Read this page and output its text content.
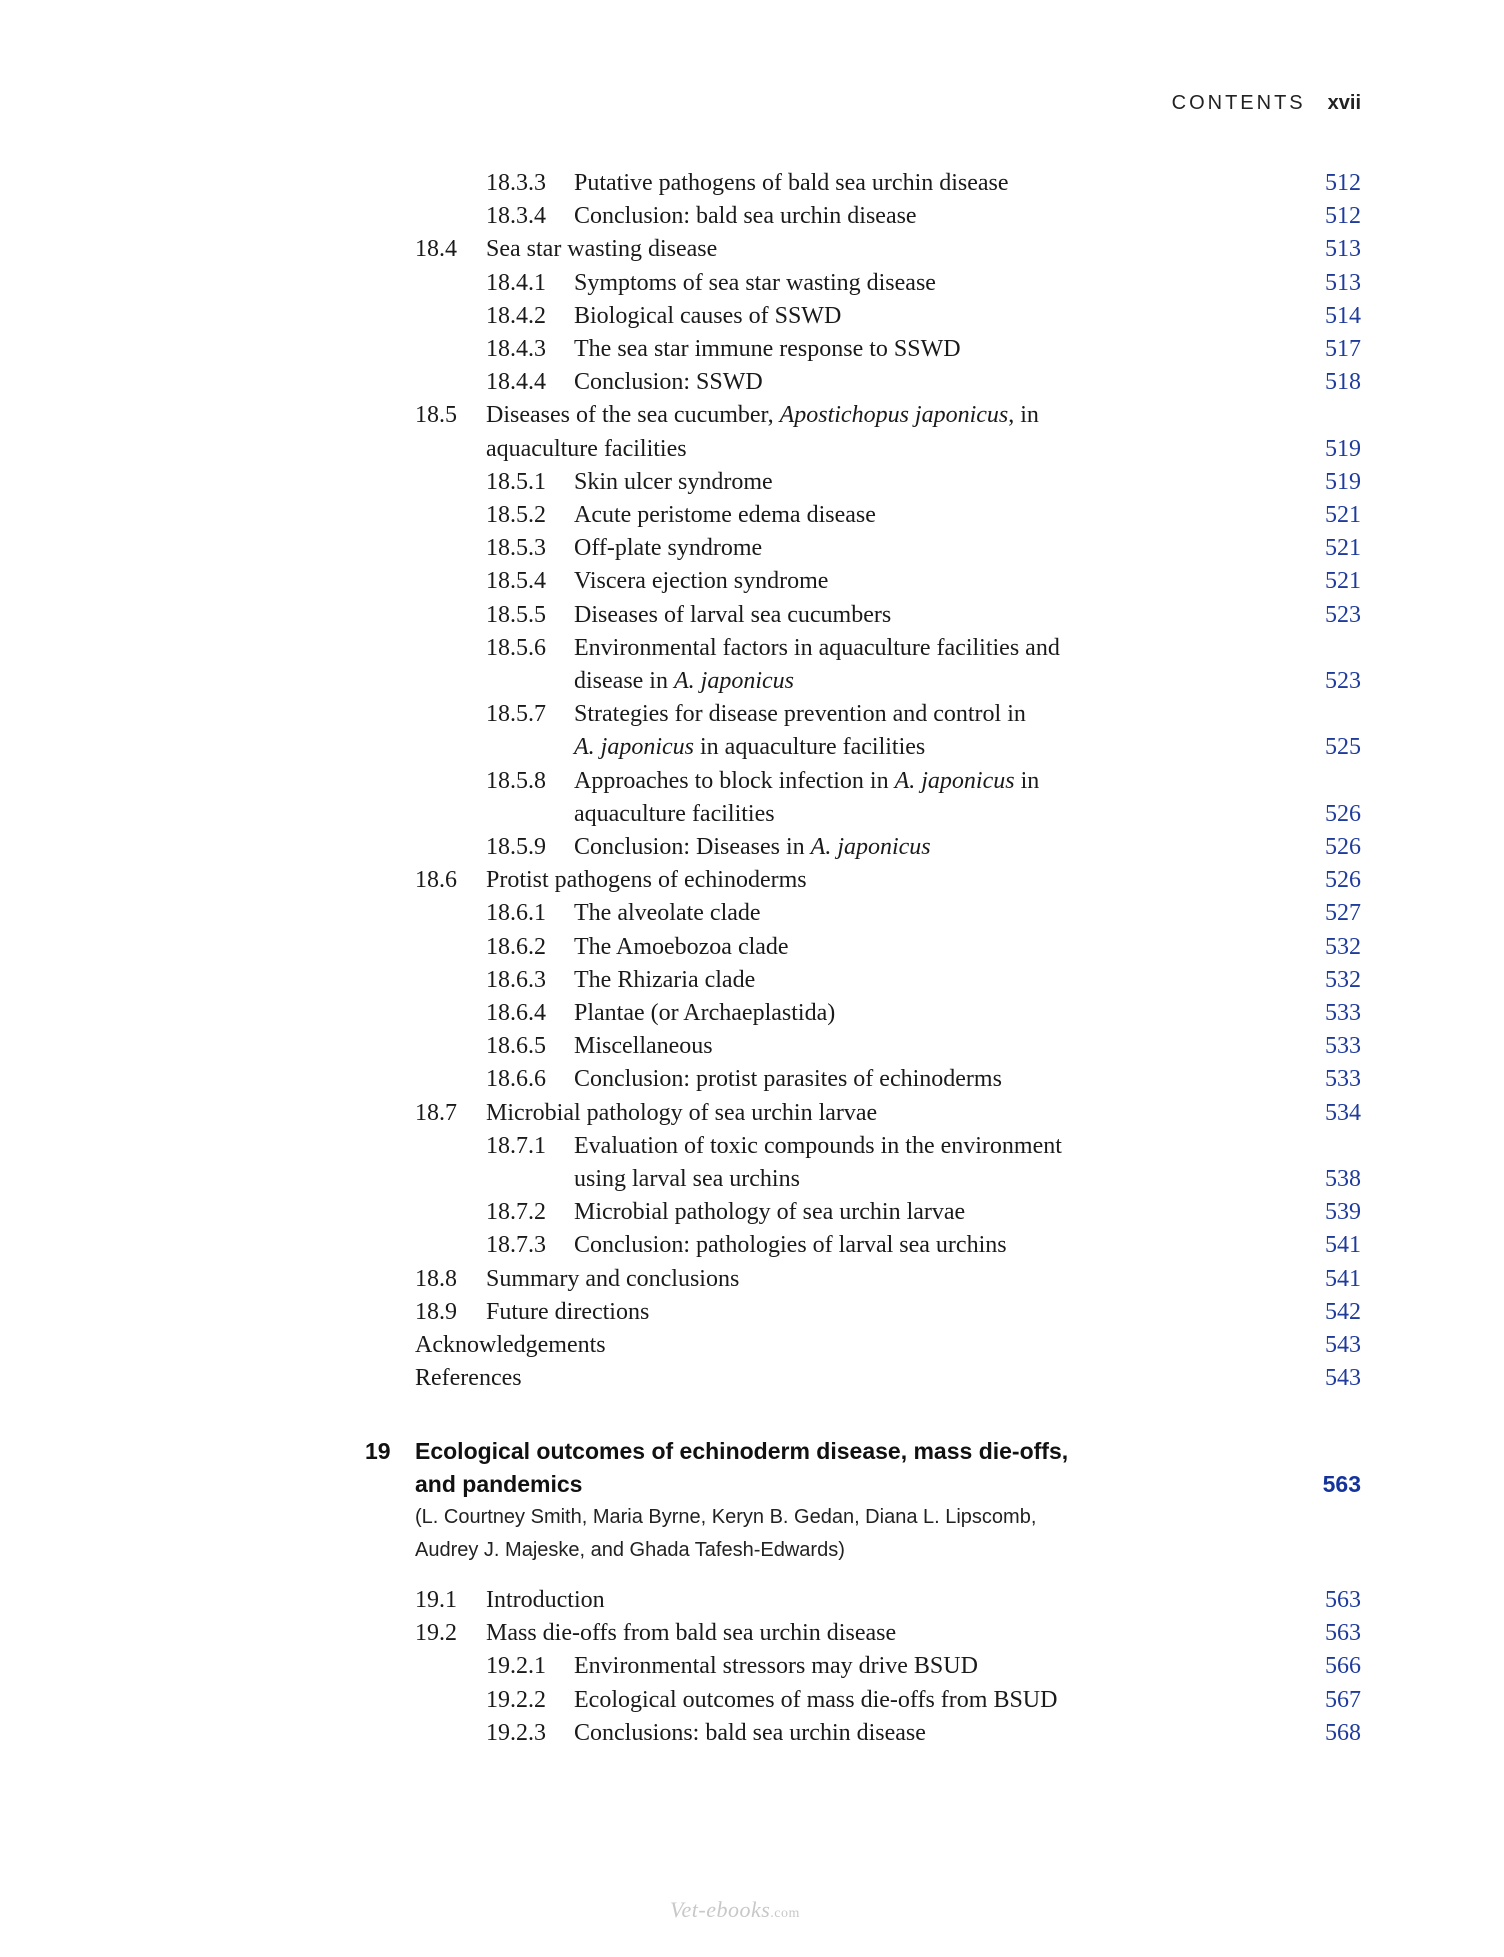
CONTENTS xvii
18.3.3 Putative pathogens of bald sea urchin disease	512
18.3.4 Conclusion: bald sea urchin disease	512
18.4 Sea star wasting disease	513
18.4.1 Symptoms of sea star wasting disease	513
18.4.2 Biological causes of SSWD	514
18.4.3 The sea star immune response to SSWD	517
18.4.4 Conclusion: SSWD	518
18.5 Diseases of the sea cucumber, Apostichopus japonicus, in
aquaculture facilities	519
18.5.1 Skin ulcer syndrome	519
18.5.2 Acute peristome edema disease	521
18.5.3 Off-plate syndrome	521
18.5.4 Viscera ejection syndrome	521
18.5.5 Diseases of larval sea cucumbers	523
18.5.6 Environmental factors in aquaculture facilities and
disease in A. japonicus	523
18.5.7 Strategies for disease prevention and control in
A. japonicus in aquaculture facilities	525
18.5.8 Approaches to block infection in A. japonicus in
aquaculture facilities	526
18.5.9 Conclusion: Diseases in A. japonicus	526
18.6 Protist pathogens of echinoderms	526
18.6.1 The alveolate clade	527
18.6.2 The Amoebozoa clade	532
18.6.3 The Rhizaria clade	532
18.6.4 Plantae (or Archaeplastida)	533
18.6.5 Miscellaneous	533
18.6.6 Conclusion: protist parasites of echinoderms	533
18.7 Microbial pathology of sea urchin larvae	534
18.7.1 Evaluation of toxic compounds in the environment
using larval sea urchins	538
18.7.2 Microbial pathology of sea urchin larvae	539
18.7.3 Conclusion: pathologies of larval sea urchins	541
18.8 Summary and conclusions	541
18.9 Future directions	542
Acknowledgements	543
References	543
19 Ecological outcomes of echinoderm disease, mass die-offs,
and pandemics	563
(L. Courtney Smith, Maria Byrne, Keryn B. Gedan, Diana L. Lipscomb,
Audrey J. Majeske, and Ghada Tafesh-Edwards)
19.1 Introduction	563
19.2 Mass die-offs from bald sea urchin disease	563
19.2.1 Environmental stressors may drive BSUD	566
19.2.2 Ecological outcomes of mass die-offs from BSUD	567
19.2.3 Conclusions: bald sea urchin disease	568
Vet-ebooks.com
